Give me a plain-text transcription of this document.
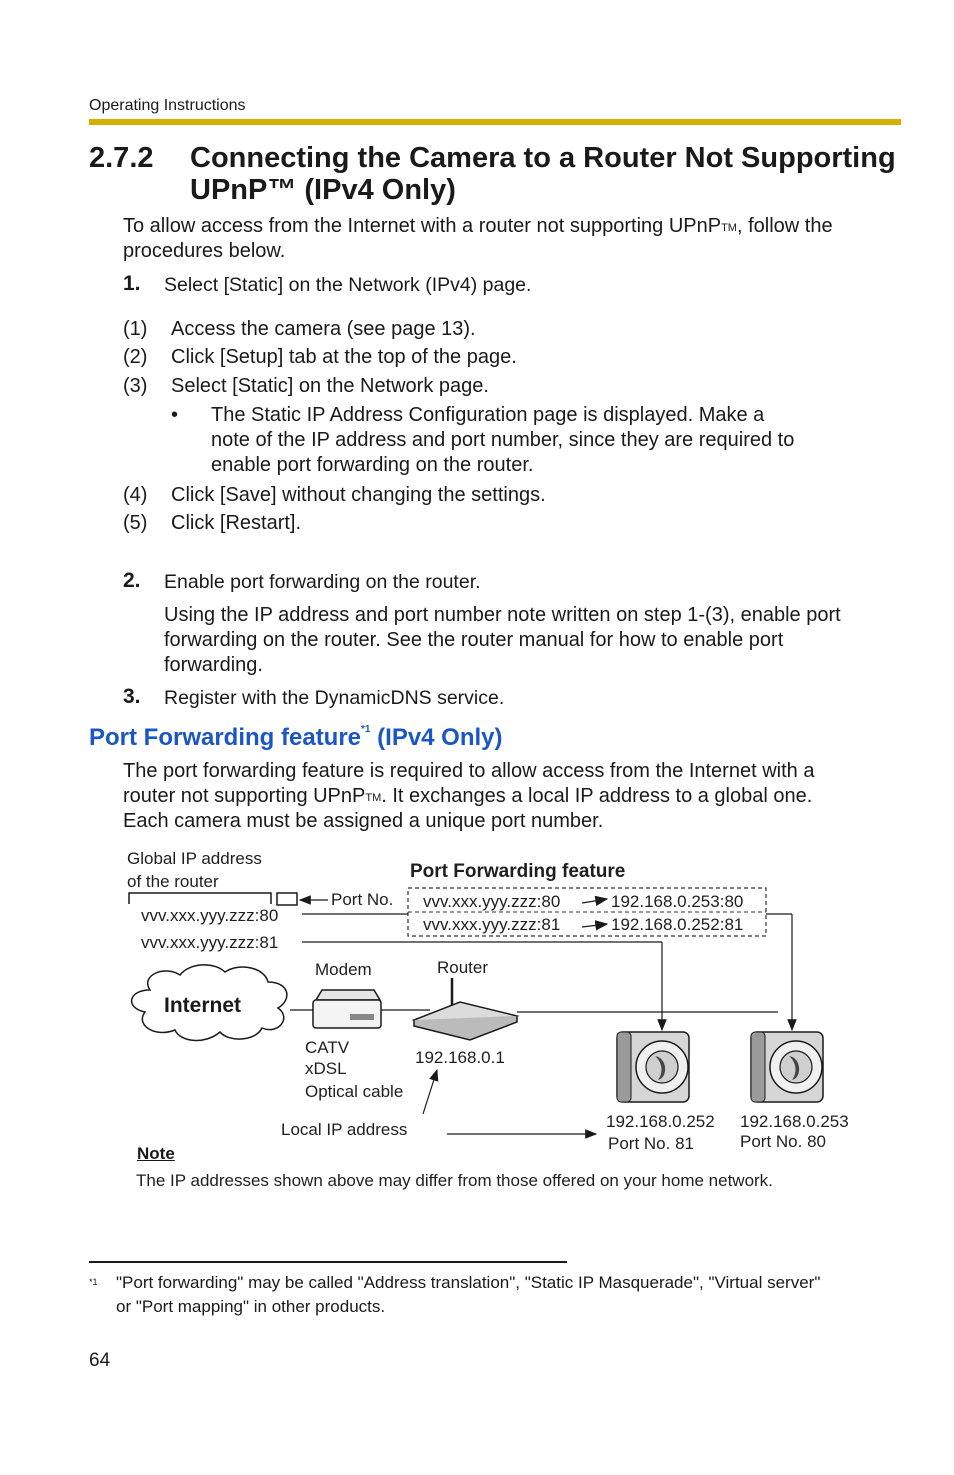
Operating Instructions
2.7.2 Connecting the Camera to a Router Not Supporting UPnP™ (IPv4 Only)
To allow access from the Internet with a router not supporting UPnPTM, follow the
procedures below.
1. Select [Static] on the Network (IPv4) page.
(1) Access the camera (see page 13).
(2) Click [Setup] tab at the top of the page.
(3) Select [Static] on the Network page.
• The Static IP Address Configuration page is displayed. Make a
note of the IP address and port number, since they are required to
enable port forwarding on the router.
(4) Click [Save] without changing the settings.
(5) Click [Restart].
2. Enable port forwarding on the router.
Using the IP address and port number note written on step 1-(3), enable port
forwarding on the router. See the router manual for how to enable port
forwarding.
3. Register with the DynamicDNS service.
Port Forwarding feature$^{*1}$ (IPv4 Only)
The port forwarding feature is required to allow access from the Internet with a
router not supporting UPnPTM. It exchanges a local IP address to a global one.
Each camera must be assigned a unique port number.
Global IP address
of the router	Port Forwarding feature
Port No.
vvv.xxx.yyy.zzz:80
vvv.xxx.yyy.zzz:81
vvv.xxx.yyy.zzz:80	192.168.0.253:80
vvv.xxx.yyy.zzz:81	192.168.0.252:81
Modem	Router
Internet
CATV
xDSL
Optical cable
192.168.0.1
Local IP address	192.168.0.252
Port No. 81
192.168.0.253
Port No. 80
Note
The IP addresses shown above may differ from those offered on your home network.
*1 "Port forwarding" may be called "Address translation", "Static IP Masquerade", "Virtual server"
or "Port mapping" in other products.
64
